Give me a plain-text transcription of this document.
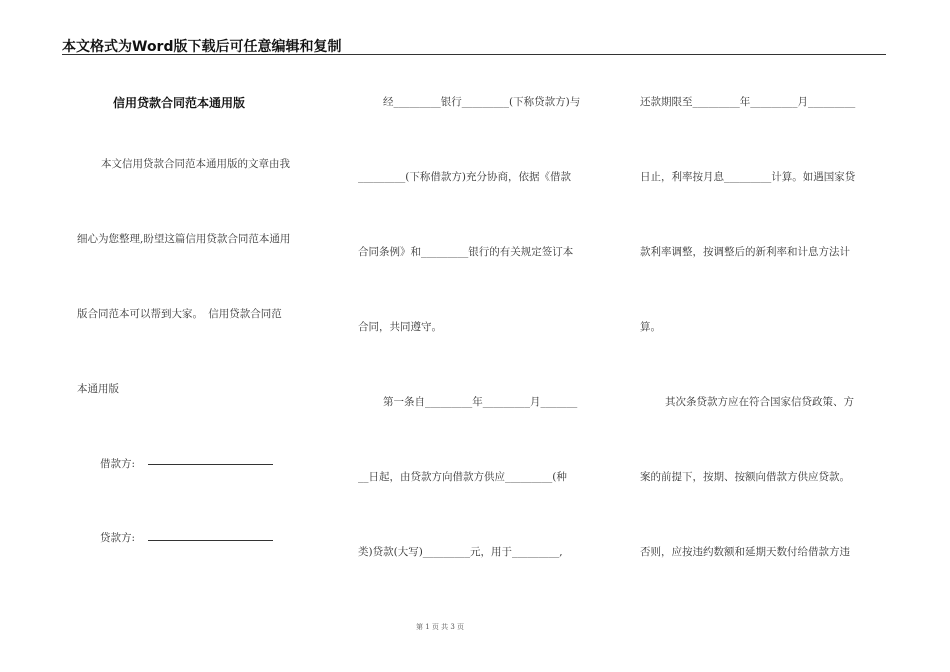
本文格式为Word版下载后可任意编辑和复制
信用贷款合同范本通用版
本文信用贷款合同范本通用版的文章由我
细心为您整理,盼望这篇信用贷款合同范本通用
版合同范本可以帮到大家。　信用贷款合同范
本通用版
借款方:
贷款方:
经_________银行_________(下称贷款方)与
_________(下称借款方)充分协商，依据《借款
合同条例》和_________银行的有关规定签订本
合同，共同遵守。
第一条自_________年_________月_______
__日起，由贷款方向借款方供应_________(种
类)贷款(大写)_________元，用于_________,
还款期限至_________年_________月_________
日止，利率按月息_________计算。如遇国家贷
款利率调整，按调整后的新利率和计息方法计
算。
其次条贷款方应在符合国家信贷政策、方
案的前提下，按期、按额向借款方供应贷款。
否则，应按违约数额和延期天数付给借款方违
第 1 页 共 3 页
